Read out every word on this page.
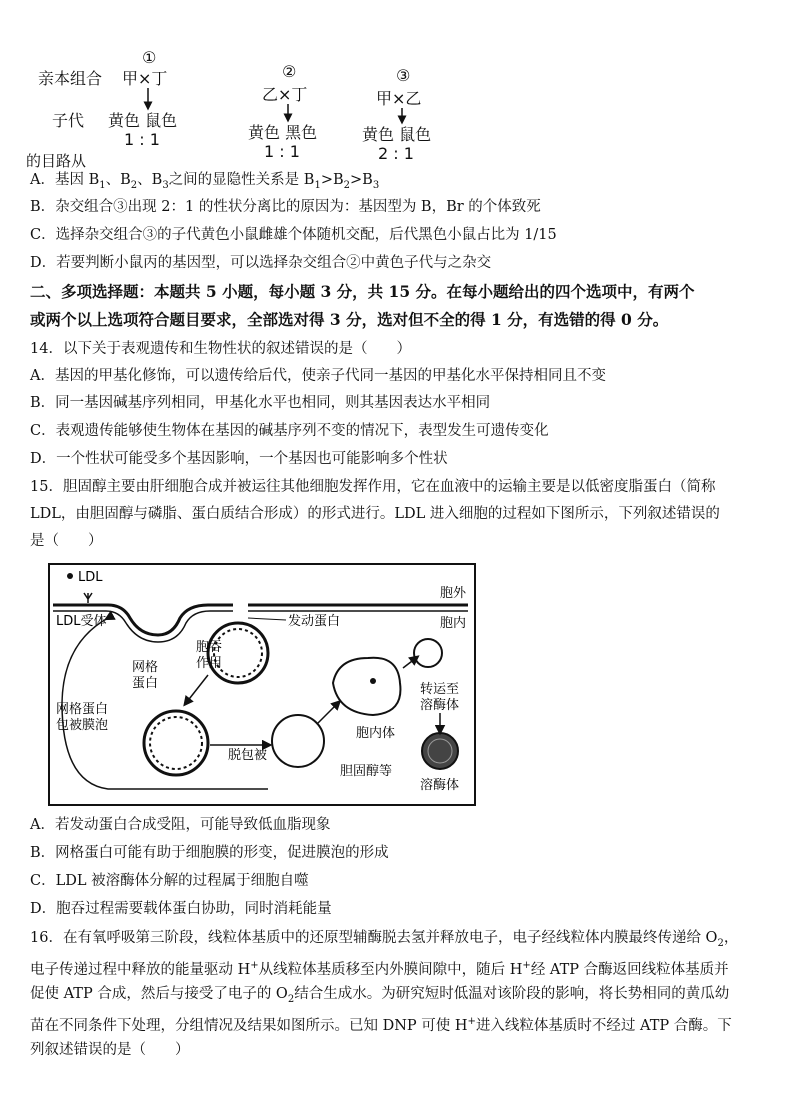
亲本组合
子代
的目路从
①
甲×丁
黄色 鼠色
1 : 1
②
乙×丁
黄色 黑色
1 : 1
③
甲×乙
黄色 鼠色
2 : 1
A．基因 $B_1$、$B_2$、$B_3$之间的显隐性关系是 $B_1>B_2>B_3$
B．杂交组合③出现 2：1 的性状分离比的原因为：基因型为 B，Br 的个体致死
C．选择杂交组合③的子代黄色小鼠雌雄个体随机交配，后代黑色小鼠占比为 1/15
D．若要判断小鼠丙的基因型，可以选择杂交组合②中黄色子代与之杂交
二、多项选择题：本题共 5 小题，每小题 3 分，共 15 分。在每小题给出的四个选项中，有两个
或两个以上选项符合题目要求，全部选对得 3 分，选对但不全的得 1 分，有选错的得 0 分。
14．以下关于表观遗传和生物性状的叙述错误的是（　　）
A．基因的甲基化修饰，可以遗传给后代，使亲子代同一基因的甲基化水平保持相同且不变
B．同一基因碱基序列相同，甲基化水平也相同，则其基因表达水平相同
C．表观遗传能够使生物体在基因的碱基序列不变的情况下，表型发生可遗传变化
D．一个性状可能受多个基因影响，一个基因也可能影响多个性状
15．胆固醇主要由肝细胞合成并被运往其他细胞发挥作用，它在血液中的运输主要是以低密度脂蛋白（简称
LDL，由胆固醇与磷脂、蛋白质结合形成）的形式进行。LDL 进入细胞的过程如下图所示，下列叙述错误的
是（　　）
LDL
LDL受体
胞外
胞内
发动蛋白
胞吞
作用
网格
蛋白
网格蛋白
包被膜泡
脱包被
胞内体
转运至
溶酶体
胆固醇等
溶酶体
A．若发动蛋白合成受阻，可能导致低血脂现象
B．网格蛋白可能有助于细胞膜的形变，促进膜泡的形成
C．LDL 被溶酶体分解的过程属于细胞自噬
D．胞吞过程需要载体蛋白协助，同时消耗能量
16．在有氧呼吸第三阶段，线粒体基质中的还原型辅酶脱去氢并释放电子，电子经线粒体内膜最终传递给 $O_2$，
电子传递过程中释放的能量驱动 H+从线粒体基质移至内外膜间隙中，随后 H+经 ATP 合酶返回线粒体基质并
促使 ATP 合成，然后与接受了电子的 $O_2$结合生成水。为研究短时低温对该阶段的影响，将长势相同的黄瓜幼
苗在不同条件下处理，分组情况及结果如图所示。已知 DNP 可使 H+进入线粒体基质时不经过 ATP 合酶。下
列叙述错误的是（　　）
